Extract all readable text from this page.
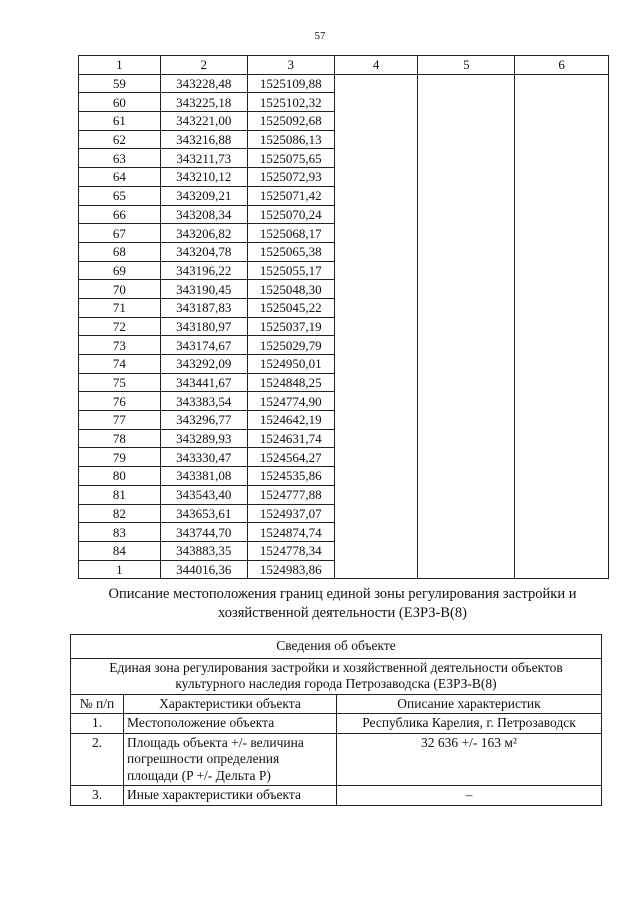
57
1	2	3	4	5	6
59	343228,48	1525109,88			
60	343225,18	1525102,32			
61	343221,00	1525092,68			
62	343216,88	1525086,13			
63	343211,73	1525075,65			
64	343210,12	1525072,93			
65	343209,21	1525071,42			
66	343208,34	1525070,24			
67	343206,82	1525068,17			
68	343204,78	1525065,38			
69	343196,22	1525055,17			
70	343190,45	1525048,30			
71	343187,83	1525045,22			
72	343180,97	1525037,19			
73	343174,67	1525029,79			
74	343292,09	1524950,01			
75	343441,67	1524848,25			
76	343383,54	1524774,90			
77	343296,77	1524642,19			
78	343289,93	1524631,74			
79	343330,47	1524564,27			
80	343381,08	1524535,86			
81	343543,40	1524777,88			
82	343653,61	1524937,07			
83	343744,70	1524874,74			
84	343883,35	1524778,34			
1	344016,36	1524983,86			
Описание местоположения границ единой зоны регулирования застройки и хозяйственной деятельности (ЕЗРЗ-В(8)
Сведения об объекте		
Единая зона регулирования застройки и хозяйственной деятельности объектов культурного наследия города Петрозаводска (ЕЗРЗ-В(8)		
№ п/п	Характеристики объекта	Описание характеристик
1.	Местоположение объекта	Республика Карелия, г. Петрозаводск
2.	Площадь объекта +/- величина погрешности определения площади (P +/- Дельта P)	32 636 +/- 163 м²
3.	Иные характеристики объекта	–
